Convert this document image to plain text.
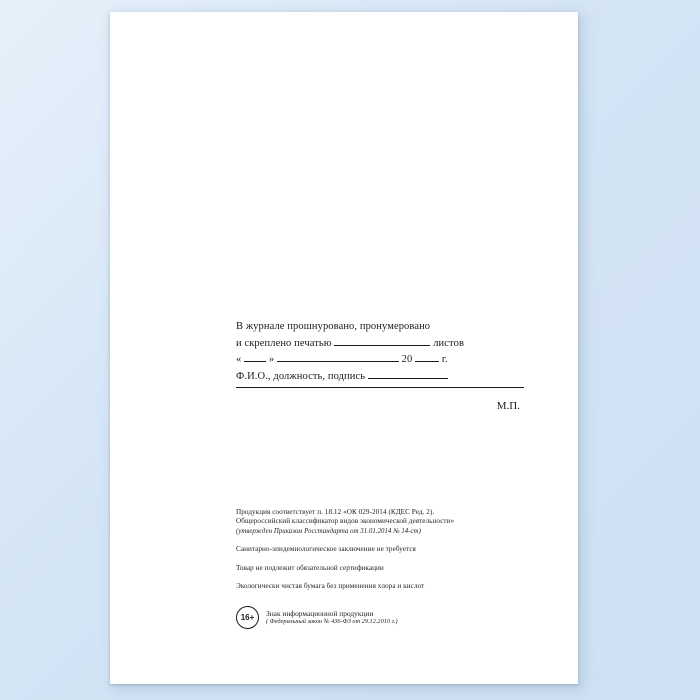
В журнале прошнуровано, пронумеровано
и скреплено печатью	листов
«	»	20	г.
Ф.И.О., должность, подпись
М.П.
Продукция соответствует п. 18.12 «ОК 029-2014 (КДЕС Ред. 2).
Общероссийский классификатор видов экономической деятельности»
(утвержден Приказом Росстандарта от 31.01.2014 № 14-ст)
Санитарно-эпидемиологическое заключение не требуется
Товар не подлежит обязательной сертификации
Экологически чистая бумага без применения хлора и кислот
16+	Знак информационной продукции
( Федеральный закон № 436-ФЗ от 29.12.2010 г.)
